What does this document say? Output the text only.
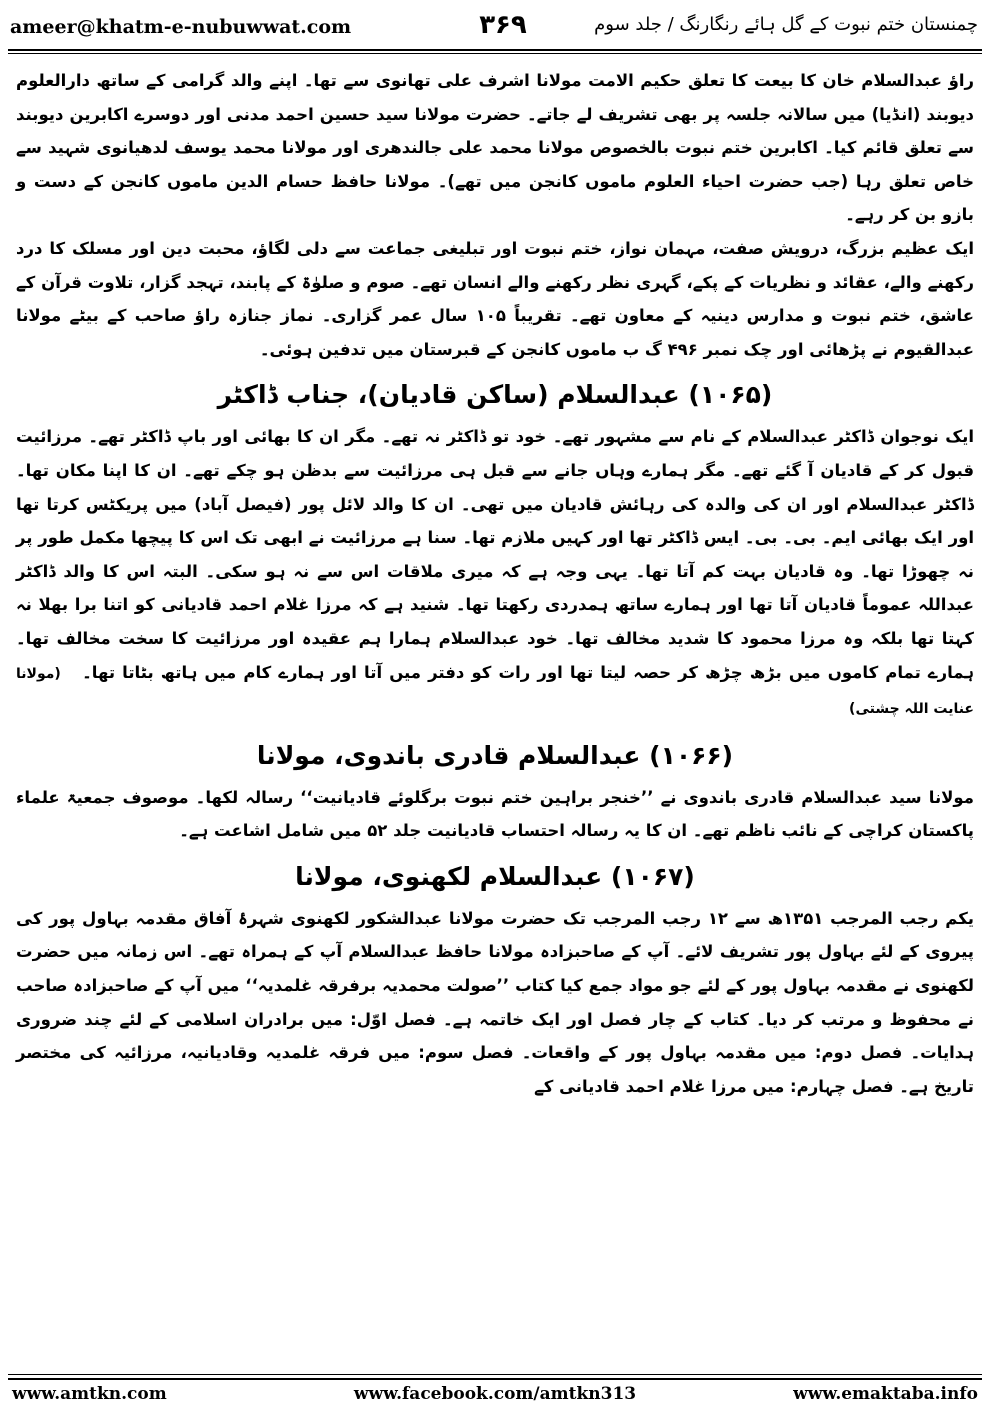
ameer@khatm-e-nubuwwat.com	۳۶۹	چمنستان ختم نبوت کے گل ہائے رنگارنگ / جلد سوم

راؤ عبدالسلام خان کا بیعت کا تعلق حکیم الامت مولانا اشرف علی تھانوی سے تھا۔ اپنے والد گرامی کے ساتھ دارالعلوم دیوبند (انڈیا) میں سالانہ جلسہ پر بھی تشریف لے جاتے۔ حضرت مولانا سید حسین احمد مدنی اور دوسرے اکابرین دیوبند سے تعلق قائم کیا۔ اکابرین ختم نبوت بالخصوص مولانا محمد علی جالندھری اور مولانا محمد یوسف لدھیانوی شہید سے خاص تعلق رہا (جب حضرت احیاء العلوم ماموں کانجن میں تھے)۔ مولانا حافظ حسام الدین ماموں کانجن کے دست و بازو بن کر رہے۔

ایک عظیم بزرگ، درویش صفت، مہمان نواز، ختم نبوت اور تبلیغی جماعت سے دلی لگاؤ، محبت دین اور مسلک کا درد رکھنے والے، عقائد و نظریات کے پکے، گہری نظر رکھنے والے انسان تھے۔ صوم و صلوٰۃ کے پابند، تہجد گزار، تلاوت قرآن کے عاشق، ختم نبوت و مدارس دینیہ کے معاون تھے۔ تقریباً ۱۰۵ سال عمر گزاری۔ نماز جنازہ راؤ صاحب کے بیٹے مولانا عبدالقیوم نے پڑھائی اور چک نمبر ۴۹۶ گ ب ماموں کانجن کے قبرستان میں تدفین ہوئی۔

(۱۰۶۵) عبدالسلام (ساکن قادیان)، جناب ڈاکٹر

ایک نوجوان ڈاکٹر عبدالسلام کے نام سے مشہور تھے۔ خود تو ڈاکٹر نہ تھے۔ مگر ان کا بھائی اور باپ ڈاکٹر تھے۔ مرزائیت قبول کر کے قادیان آ گئے تھے۔ مگر ہمارے وہاں جانے سے قبل ہی مرزائیت سے بدظن ہو چکے تھے۔ ان کا اپنا مکان تھا۔ ڈاکٹر عبدالسلام اور ان کی والدہ کی رہائش قادیان میں تھی۔ ان کا والد لائل پور (فیصل آباد) میں پریکٹس کرتا تھا اور ایک بھائی ایم۔ بی۔ بی۔ ایس ڈاکٹر تھا اور کہیں ملازم تھا۔ سنا ہے مرزائیت نے ابھی تک اس کا پیچھا مکمل طور پر نہ چھوڑا تھا۔ وہ قادیان بہت کم آتا تھا۔ یہی وجہ ہے کہ میری ملاقات اس سے نہ ہو سکی۔ البتہ اس کا والد ڈاکٹر عبداللہ عموماً قادیان آتا تھا اور ہمارے ساتھ ہمدردی رکھتا تھا۔ شنید ہے کہ مرزا غلام احمد قادیانی کو اتنا برا بھلا نہ کہتا تھا بلکہ وہ مرزا محمود کا شدید مخالف تھا۔ خود عبدالسلام ہمارا ہم عقیدہ اور مرزائیت کا سخت مخالف تھا۔ ہمارے تمام کاموں میں بڑھ چڑھ کر حصہ لیتا تھا اور رات کو دفتر میں آتا اور ہمارے کام میں ہاتھ بٹاتا تھا۔   (مولانا عنایت اللہ چشتی)

(۱۰۶۶) عبدالسلام قادری باندوی، مولانا

مولانا سید عبدالسلام قادری باندوی نے ’’خنجر براہین ختم نبوت برگلوئے قادیانیت‘‘ رسالہ لکھا۔ موصوف جمعیۃ علماء پاکستان کراچی کے نائب ناظم تھے۔ ان کا یہ رسالہ احتساب قادیانیت جلد ۵۲ میں شامل اشاعت ہے۔

(۱۰۶۷) عبدالسلام لکھنوی، مولانا

یکم رجب المرجب ۱۳۵۱ھ سے ۱۲ رجب المرجب تک حضرت مولانا عبدالشکور لکھنوی شہرۂ آفاق مقدمہ بہاول پور کی پیروی کے لئے بہاول پور تشریف لائے۔ آپ کے صاحبزادہ مولانا حافظ عبدالسلام آپ کے ہمراہ تھے۔ اس زمانہ میں حضرت لکھنوی نے مقدمہ بہاول پور کے لئے جو مواد جمع کیا کتاب ’’صولت محمدیہ برفرقہ غلمدیہ‘‘ میں آپ کے صاحبزادہ صاحب نے محفوظ و مرتب کر دیا۔ کتاب کے چار فصل اور ایک خاتمہ ہے۔ فصل اوّل: میں برادران اسلامی کے لئے چند ضروری ہدایات۔ فصل دوم: میں مقدمہ بہاول پور کے واقعات۔ فصل سوم: میں فرقہ غلمدیہ وقادیانیہ، مرزائیہ کی مختصر تاریخ ہے۔ فصل چہارم: میں مرزا غلام احمد قادیانی کے

www.amtkn.com	www.facebook.com/amtkn313	www.emaktaba.info
